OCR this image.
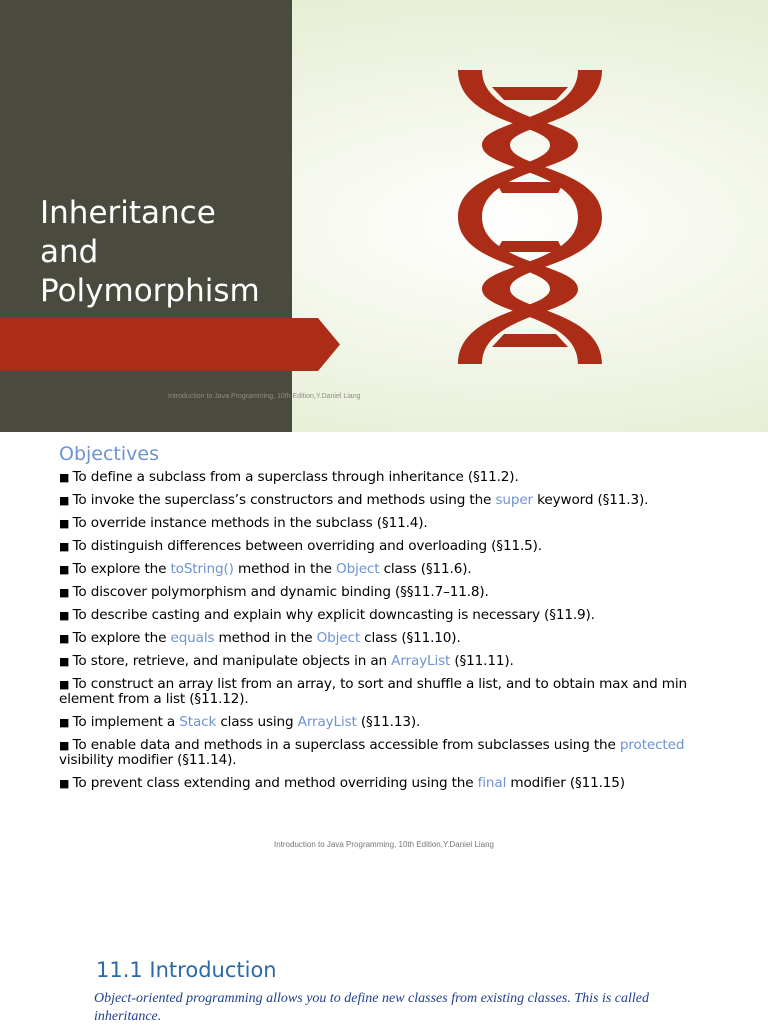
Inheritance
and
Polymorphism
Introduction to Java Programming, 10th Edition,Y.Daniel Liang
Objectives
■ To define a subclass from a superclass through inheritance (§11.2).
■ To invoke the superclass’s constructors and methods using the super keyword (§11.3).
■ To override instance methods in the subclass (§11.4).
■ To distinguish differences between overriding and overloading (§11.5).
■ To explore the toString() method in the Object class (§11.6).
■ To discover polymorphism and dynamic binding (§§11.7–11.8).
■ To describe casting and explain why explicit downcasting is necessary (§11.9).
■ To explore the equals method in the Object class (§11.10).
■ To store, retrieve, and manipulate objects in an ArrayList (§11.11).
■ To construct an array list from an array, to sort and shuffle a list, and to obtain max and min element from a list (§11.12).
■ To implement a Stack class using ArrayList (§11.13).
■ To enable data and methods in a superclass accessible from subclasses using the protected visibility modifier (§11.14).
■ To prevent class extending and method overriding using the final modifier (§11.15)
Introduction to Java Programming, 10th Edition,Y.Daniel Liang
11.1 Introduction

Object-oriented programming allows you to define new classes from existing classes. This is called inheritance.
